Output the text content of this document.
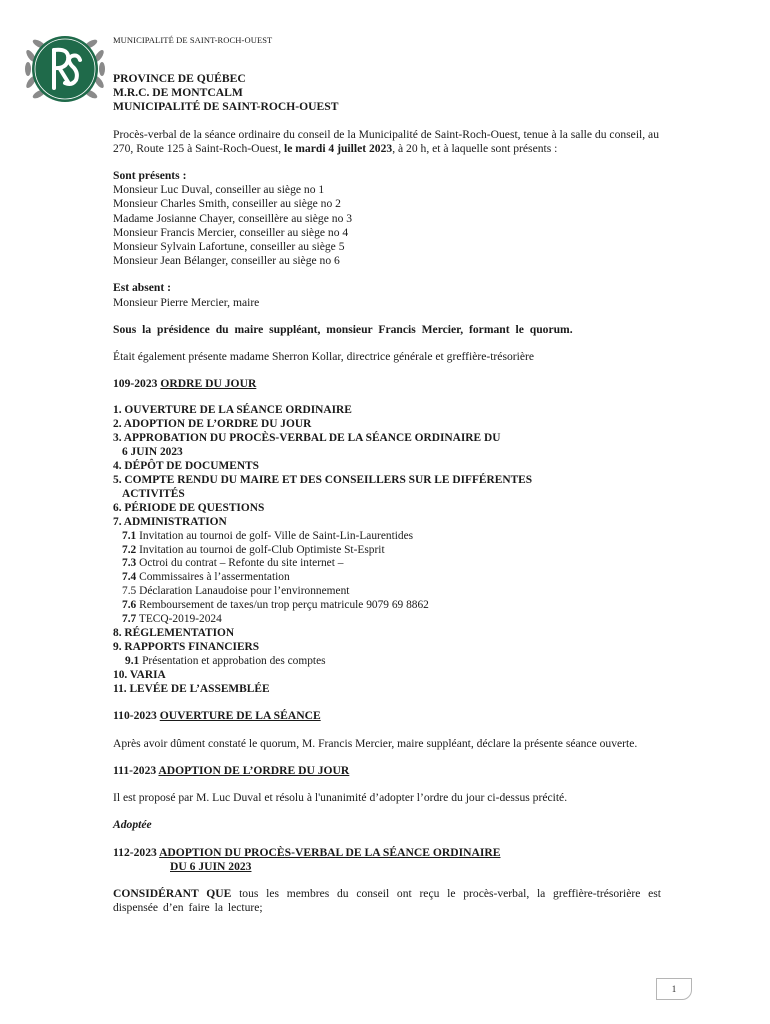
MUNICIPALITÉ DE SAINT-ROCH-OUEST
PROVINCE DE QUÉBEC
M.R.C. DE MONTCALM
MUNICIPALITÉ DE SAINT-ROCH-OUEST
Procès-verbal de la séance ordinaire du conseil de la Municipalité de Saint-Roch-Ouest, tenue à la salle du conseil, au 270, Route 125 à Saint-Roch-Ouest, le mardi 4 juillet 2023, à 20 h, et à laquelle sont présents :
Sont présents :
Monsieur Luc Duval, conseiller au siège no 1
Monsieur Charles Smith, conseiller au siège no 2
Madame Josianne Chayer, conseillère au siège no 3
Monsieur Francis Mercier, conseiller au siège no 4
Monsieur Sylvain Lafortune, conseiller au siège 5
Monsieur Jean Bélanger, conseiller au siège no 6
Est absent :
Monsieur Pierre Mercier, maire
Sous la présidence du maire suppléant, monsieur Francis Mercier, formant le quorum.
Était également présente madame Sherron Kollar, directrice générale et greffière-trésorière
109-2023 ORDRE DU JOUR
1. OUVERTURE DE LA SÉANCE ORDINAIRE
2. ADOPTION DE L’ORDRE DU JOUR
3. APPROBATION DU PROCÈS-VERBAL DE LA SÉANCE ORDINAIRE DU
6 JUIN 2023
4. DÉPÔT DE DOCUMENTS
5. COMPTE RENDU DU MAIRE ET DES CONSEILLERS SUR LE DIFFÉRENTES
ACTIVITÉS
6. PÉRIODE DE QUESTIONS
7. ADMINISTRATION
7.1 Invitation au tournoi de golf- Ville de Saint-Lin-Laurentides
7.2 Invitation au tournoi de golf-Club Optimiste St-Esprit
7.3 Octroi du contrat – Refonte du site internet –
7.4 Commissaires à l’assermentation
7.5 Déclaration Lanaudoise pour l’environnement
7.6 Remboursement de taxes/un trop perçu matricule 9079 69 8862
7.7 TECQ-2019-2024
8. RÉGLEMENTATION
9. RAPPORTS FINANCIERS
9.1 Présentation et approbation des comptes
10. VARIA
11. LEVÉE DE L’ASSEMBLÉE
110-2023 OUVERTURE DE LA SÉANCE
Après avoir dûment constaté le quorum, M. Francis Mercier, maire suppléant, déclare la présente séance ouverte.
111-2023 ADOPTION DE L’ORDRE DU JOUR
Il est proposé par M. Luc Duval et résolu à l'unanimité d’adopter l’ordre du jour ci-dessus précité.
Adoptée
112-2023 ADOPTION DU PROCÈS-VERBAL DE LA SÉANCE ORDINAIRE
DU 6 JUIN 2023
CONSIDÉRANT QUE tous les membres du conseil ont reçu le procès-verbal, la greffière-trésorière est dispensée d’en faire la lecture;
1
